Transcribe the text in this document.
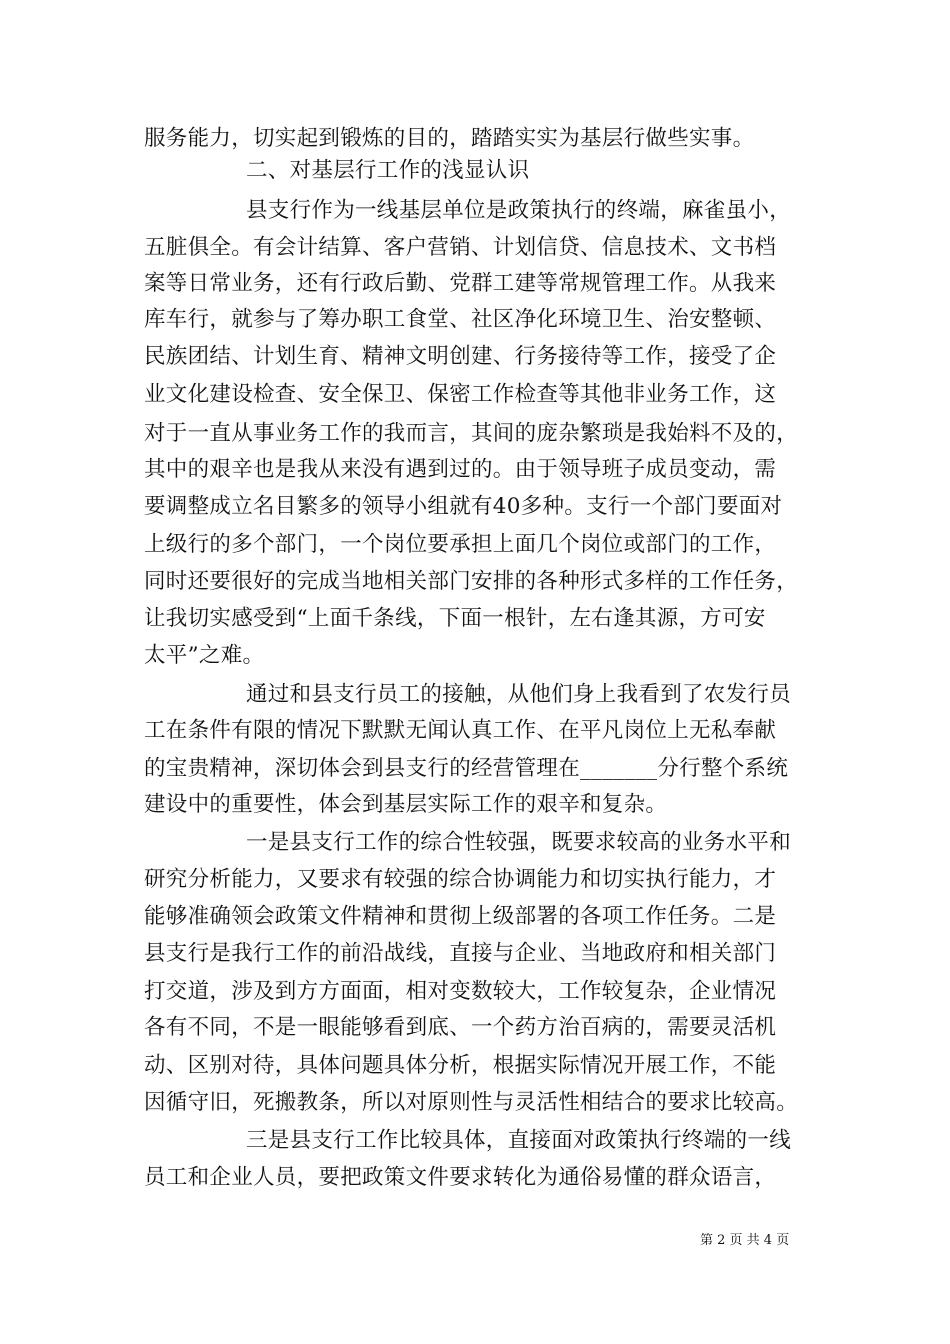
服务能力，切实起到锻炼的目的，踏踏实实为基层行做些实事。
二、对基层行工作的浅显认识
县支行作为一线基层单位是政策执行的终端，麻雀虽小，
五脏俱全。有会计结算、客户营销、计划信贷、信息技术、文书档
案等日常业务，还有行政后勤、党群工建等常规管理工作。从我来
库车行，就参与了筹办职工食堂、社区净化环境卫生、治安整顿、
民族团结、计划生育、精神文明创建、行务接待等工作，接受了企
业文化建设检查、安全保卫、保密工作检查等其他非业务工作，这
对于一直从事业务工作的我而言，其间的庞杂繁琐是我始料不及的，
其中的艰辛也是我从来没有遇到过的。由于领导班子成员变动，需
要调整成立名目繁多的领导小组就有40多种。支行一个部门要面对
上级行的多个部门，一个岗位要承担上面几个岗位或部门的工作，
同时还要很好的完成当地相关部门安排的各种形式多样的工作任务，
让我切实感受到“上面千条线，下面一根针，左右逢其源，方可安
太平”之难。
通过和县支行员工的接触，从他们身上我看到了农发行员
工在条件有限的情况下默默无闻认真工作、在平凡岗位上无私奉献
的宝贵精神，深切体会到县支行的经营管理在_______分行整个系统
建设中的重要性，体会到基层实际工作的艰辛和复杂。
一是县支行工作的综合性较强，既要求较高的业务水平和
研究分析能力，又要求有较强的综合协调能力和切实执行能力，才
能够准确领会政策文件精神和贯彻上级部署的各项工作任务。二是
县支行是我行工作的前沿战线，直接与企业、当地政府和相关部门
打交道，涉及到方方面面，相对变数较大，工作较复杂，企业情况
各有不同，不是一眼能够看到底、一个药方治百病的，需要灵活机
动、区别对待，具体问题具体分析，根据实际情况开展工作，不能
因循守旧，死搬教条，所以对原则性与灵活性相结合的要求比较高。
三是县支行工作比较具体，直接面对政策执行终端的一线
员工和企业人员，要把政策文件要求转化为通俗易懂的群众语言，
第 2 页 共 4 页
